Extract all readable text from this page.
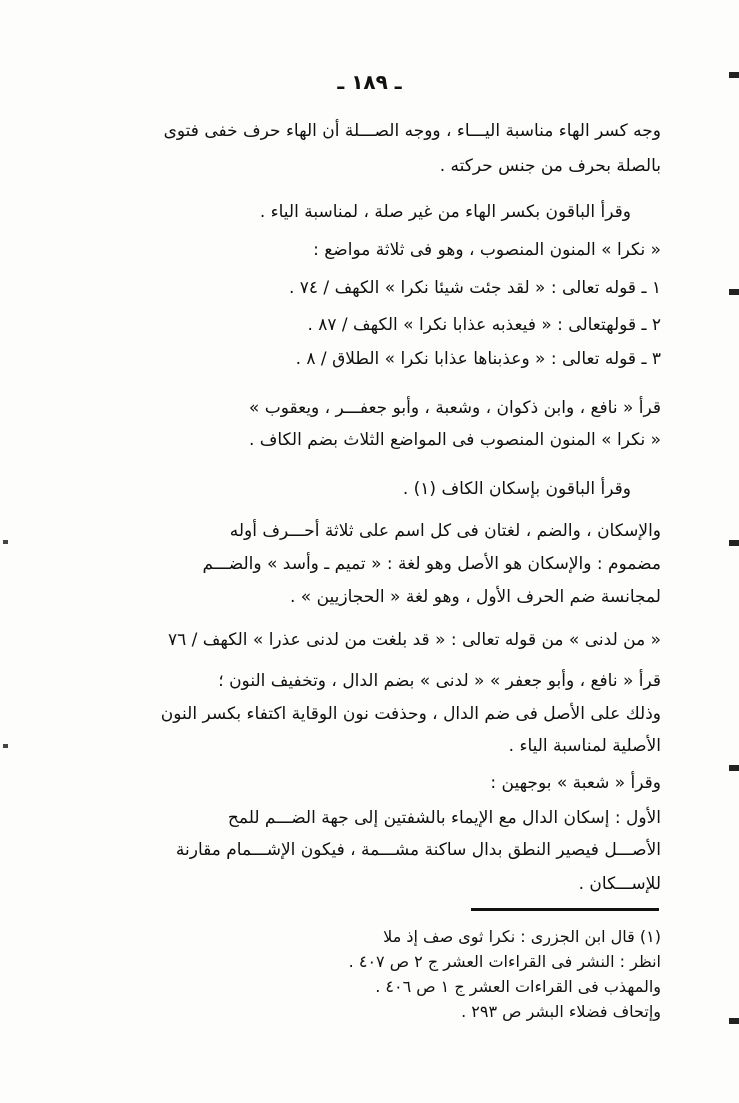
ـ ١٨٩ ـ
وجه كسر الهاء مناسبة اليـــاء ، ووجه الصـــلة أن الهاء حرف خفى فتوى
بالصلة بحرف من جنس حركته .
وقرأ الباقون بكسر الهاء من غير صلة ، لمناسبة الياء .
« نكرا » المنون المنصوب ، وهو فى ثلاثة مواضع :
١ ـ قوله تعالى : « لقد جئت شيئا نكرا » الكهف / ٧٤ .
٢ ـ قولهتعالى : « فيعذبه عذابا نكرا » الكهف / ٨٧ .
٣ ـ قوله تعالى : « وعذبناها عذابا نكرا » الطلاق / ٨ .
قرأ « نافع ، وابن ذكوان ، وشعبة ، وأبو جعفـــر ، ويعقوب »
« نكرا » المنون المنصوب فى المواضع الثلاث بضم الكاف .
وقرأ الباقون بإسكان الكاف (١) .
والإسكان ، والضم ، لغتان فى كل اسم على ثلاثة أحـــرف أوله
مضموم : والإسكان هو الأصل وهو لغة : « تميم ـ وأسد » والضـــم
لمجانسة ضم الحرف الأول ، وهو لغة « الحجازيين » .
« من لدنى » من قوله تعالى : « قد بلغت من لدنى عذرا » الكهف / ٧٦
قرأ « نافع ، وأبو جعفر » « لدنى » بضم الدال ، وتخفيف النون ؛
وذلك على الأصل فى ضم الدال ، وحذفت نون الوقاية اكتفاء بكسر النون
الأصلية لمناسبة الياء .
وقرأ « شعبة » بوجهين :
الأول : إسكان الدال مع الإيماء بالشفتين إلى جهة الضـــم للمح
الأصـــل فيصير النطق بدال ساكنة مشـــمة ، فيكون الإشـــمام مقارنة
للإســـكان .
(١) قال ابن الجزرى : نكرا ثوى صف إذ ملا
انظر : النشر فى القراءات العشر ج ٢ ص ٤٠٧ .
والمهذب فى القراءات العشر ج ١ ص ٤٠٦ .
وإتحاف فضلاء البشر ص ٢٩٣ .
